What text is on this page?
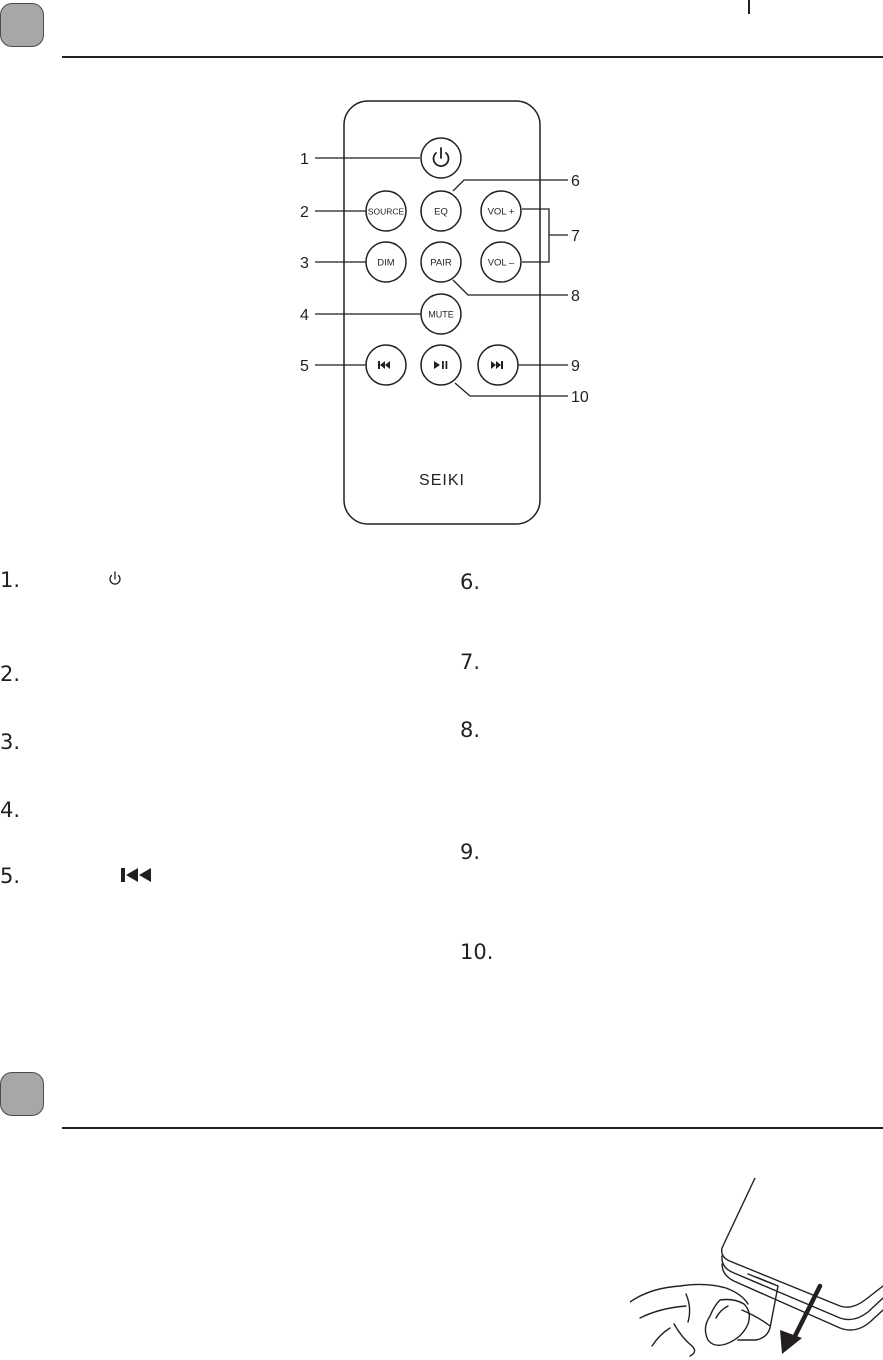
1
2
3
4
5
6
7
8
9
10
SOURCE	EQ	VOL +
DIM	PAIR	VOL –
MUTE
SEIKI
1.
2.
3.
4.
5.
6.
7.
8.
9.
10.
